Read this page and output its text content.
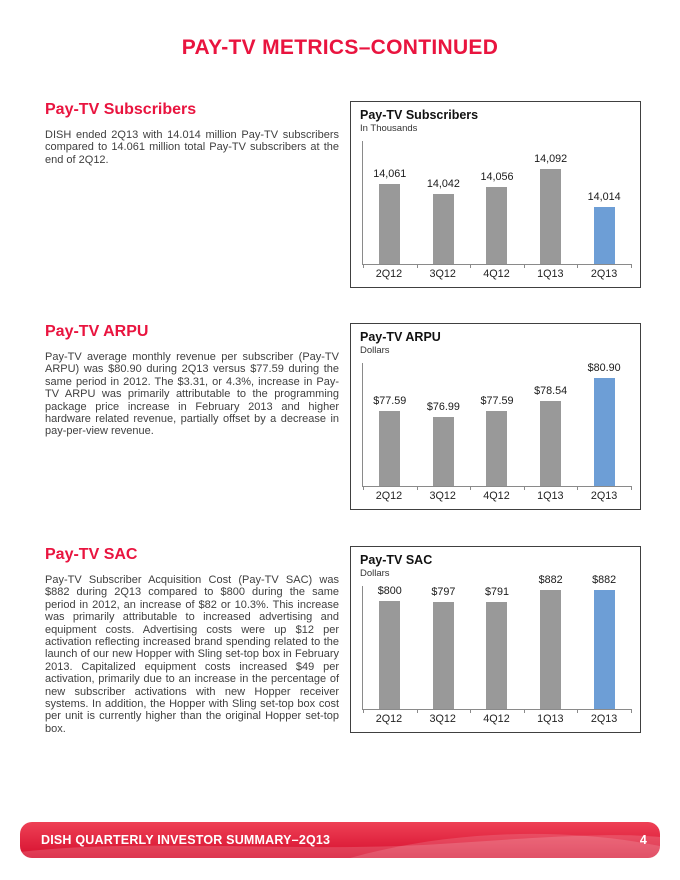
PAY-TV METRICS–CONTINUED
Pay-TV Subscribers

DISH ended 2Q13 with 14.014 million Pay-TV subscribers compared to 14.061 million total Pay-TV subscribers at the end of 2Q12.

Pay-TV Subscribers
In Thousands
14,061
14,042
14,056
14,092
14,014
2Q12	3Q12	4Q12	1Q13	2Q13
Pay-TV ARPU

Pay-TV average monthly revenue per subscriber (Pay-TV ARPU) was $80.90 during 2Q13 versus $77.59 during the same period in 2012. The $3.31, or 4.3%, increase in Pay-TV ARPU was primarily attributable to the programming package price increase in February 2013 and higher hardware related revenue, partially offset by a decrease in pay-per-view revenue.

Pay-TV ARPU
Dollars
$77.59	$76.99	$77.59
$78.54
$80.90
2Q12	3Q12	4Q12	1Q13	2Q13
Pay-TV SAC

Pay-TV Subscriber Acquisition Cost (Pay-TV SAC) was $882 during 2Q13 compared to $800 during the same period in 2012, an increase of $82 or 10.3%. This increase was primarily attributable to increased advertising and equipment costs. Advertising costs were up $12 per activation reflecting increased brand spending related to the launch of our new Hopper with Sling set-top box in February 2013. Capitalized equipment costs increased $49 per activation, primarily due to an increase in the percentage of new subscriber activations with new Hopper receiver systems. In addition, the Hopper with Sling set-top box cost per unit is currently higher than the original Hopper set-top box.

Pay-TV SAC
Dollars
$800	$797	$791
$882	$882
2Q12	3Q12	4Q12	1Q13	2Q13
DISH QUARTERLY INVESTOR SUMMARY–2Q13	4
